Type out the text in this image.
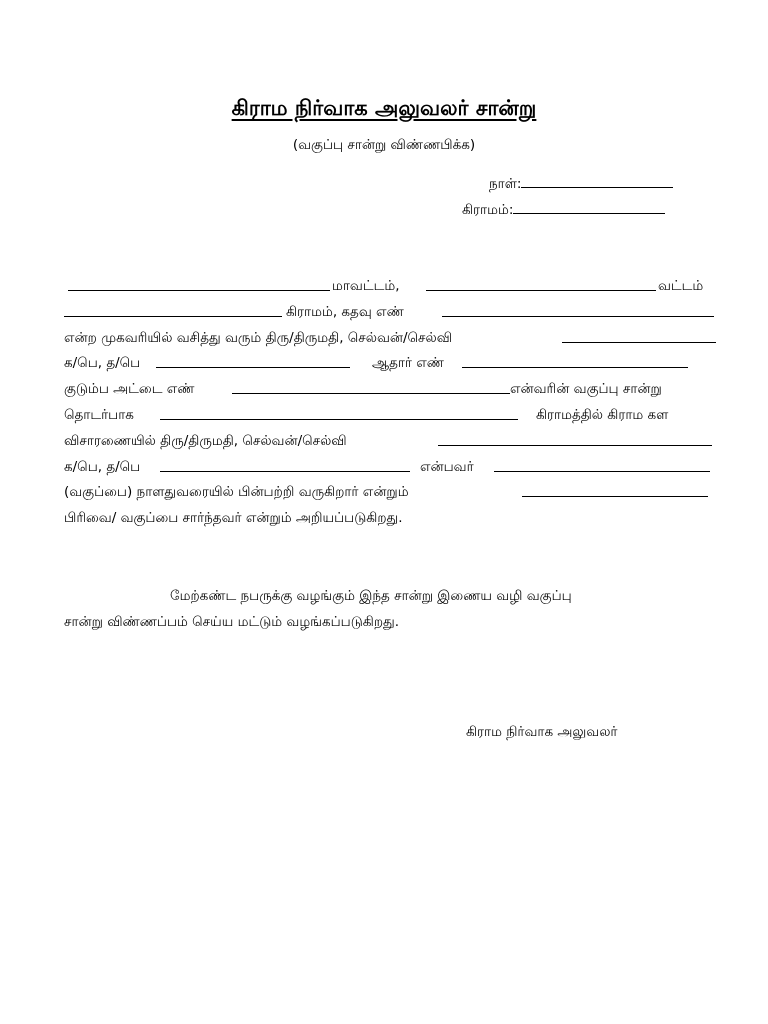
கிராம நிர்வாக அலுவலர் சான்று
(வகுப்பு சான்று விண்ணபிக்க)
நாள்:
கிராமம்:
மாவட்டம்,	வட்டம்
கிராமம், கதவு எண்
என்ற முகவரியில் வசித்து வரும் திரு/திருமதி, செல்வன்/செல்வி
க/பெ, த/பெ	ஆதார் எண்
குடும்ப அட்டை எண்	என்வரின் வகுப்பு சான்று
தொடர்பாக	கிராமத்தில் கிராம கள
விசாரணையில் திரு/திருமதி, செல்வன்/செல்வி
க/பெ, த/பெ	என்பவர்
(வகுப்பை) நாளதுவரையில் பின்பற்றி வருகிறார் என்றும்
பிரிவை/ வகுப்பை சார்ந்தவர் என்றும் அறியப்படுகிறது.
மேற்கண்ட நபருக்கு வழங்கும் இந்த சான்று இணைய வழி வகுப்பு
சான்று விண்ணப்பம் செய்ய மட்டும் வழங்கப்படுகிறது.
கிராம நிர்வாக அலுவலர்
